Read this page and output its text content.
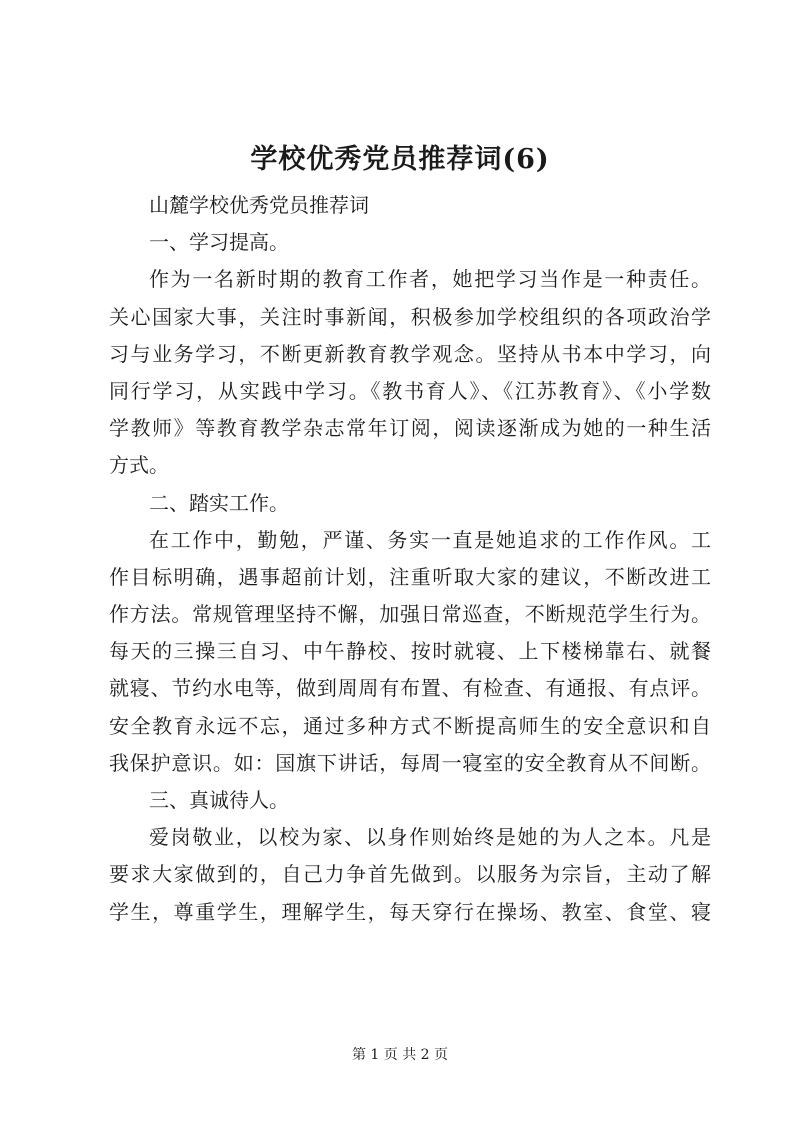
学校优秀党员推荐词(6)
山麓学校优秀党员推荐词
一、学习提高。
作为一名新时期的教育工作者，她把学习当作是一种责任。
关心国家大事，关注时事新闻，积极参加学校组织的各项政治学
习与业务学习，不断更新教育教学观念。坚持从书本中学习，向
同行学习，从实践中学习。《教书育人》、《江苏教育》、《小学数
学教师》等教育教学杂志常年订阅，阅读逐渐成为她的一种生活
方式。
二、踏实工作。
在工作中，勤勉，严谨、务实一直是她追求的工作作风。工
作目标明确，遇事超前计划，注重听取大家的建议，不断改进工
作方法。常规管理坚持不懈，加强日常巡查，不断规范学生行为。
每天的三操三自习、中午静校、按时就寝、上下楼梯靠右、就餐
就寝、节约水电等，做到周周有布置、有检查、有通报、有点评。
安全教育永远不忘，通过多种方式不断提高师生的安全意识和自
我保护意识。如：国旗下讲话，每周一寝室的安全教育从不间断。
三、真诚待人。
爱岗敬业，以校为家、以身作则始终是她的为人之本。凡是
要求大家做到的，自己力争首先做到。以服务为宗旨，主动了解
学生，尊重学生，理解学生，每天穿行在操场、教室、食堂、寝
第 1 页 共 2 页
